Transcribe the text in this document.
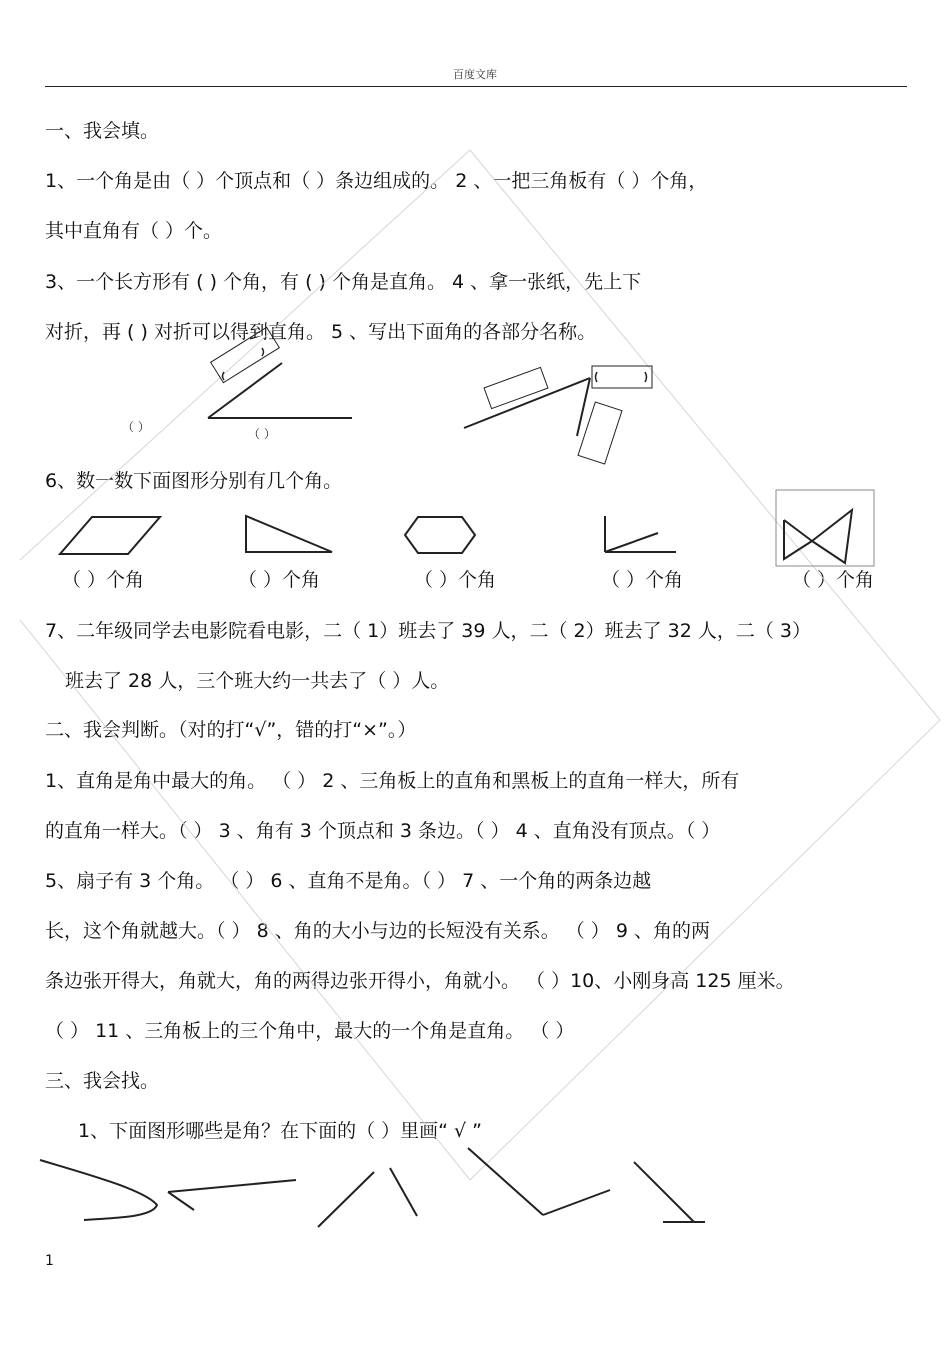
百度文库
一、我会填。
1、一个角是由（ ）个顶点和（ ）条边组成的。 2 、一把三角板有（ ）个角，
其中直角有（ ）个。
3、一个长方形有 ( ) 个角，有 ( ) 个角是直角。 4 、拿一张纸，先上下
对折，再 ( ) 对折可以得到直角。 5 、写出下面角的各部分名称。
（ ）	（ ）
6、数一数下面图形分别有几个角。
（ ）个角	（ ）个角	（ ）个角	（ ）个角	（ ）个角
7、二年级同学去电影院看电影，二（ 1）班去了 39 人，二（ 2）班去了 32 人，二（ 3）
班去了 28 人，三个班大约一共去了（ ）人。
二、我会判断。（对的打“√”，错的打“×”。）
1、直角是角中最大的角。 （ ） 2 、三角板上的直角和黑板上的直角一样大，所有
的直角一样大。（ ） 3 、角有 3 个顶点和 3 条边。（ ） 4 、直角没有顶点。（ ）
5、扇子有 3 个角。 （ ） 6 、直角不是角。（ ） 7 、一个角的两条边越
长，这个角就越大。（ ） 8 、角的大小与边的长短没有关系。 （ ） 9 、角的两
条边张开得大，角就大，角的两得边张开得小，角就小。 （ ）10、小刚身高 125 厘米。
（ ） 11 、三角板上的三个角中，最大的一个角是直角。 （ ）
三、我会找。
1、下面图形哪些是角？在下面的（ ）里画“ √ ”
1
